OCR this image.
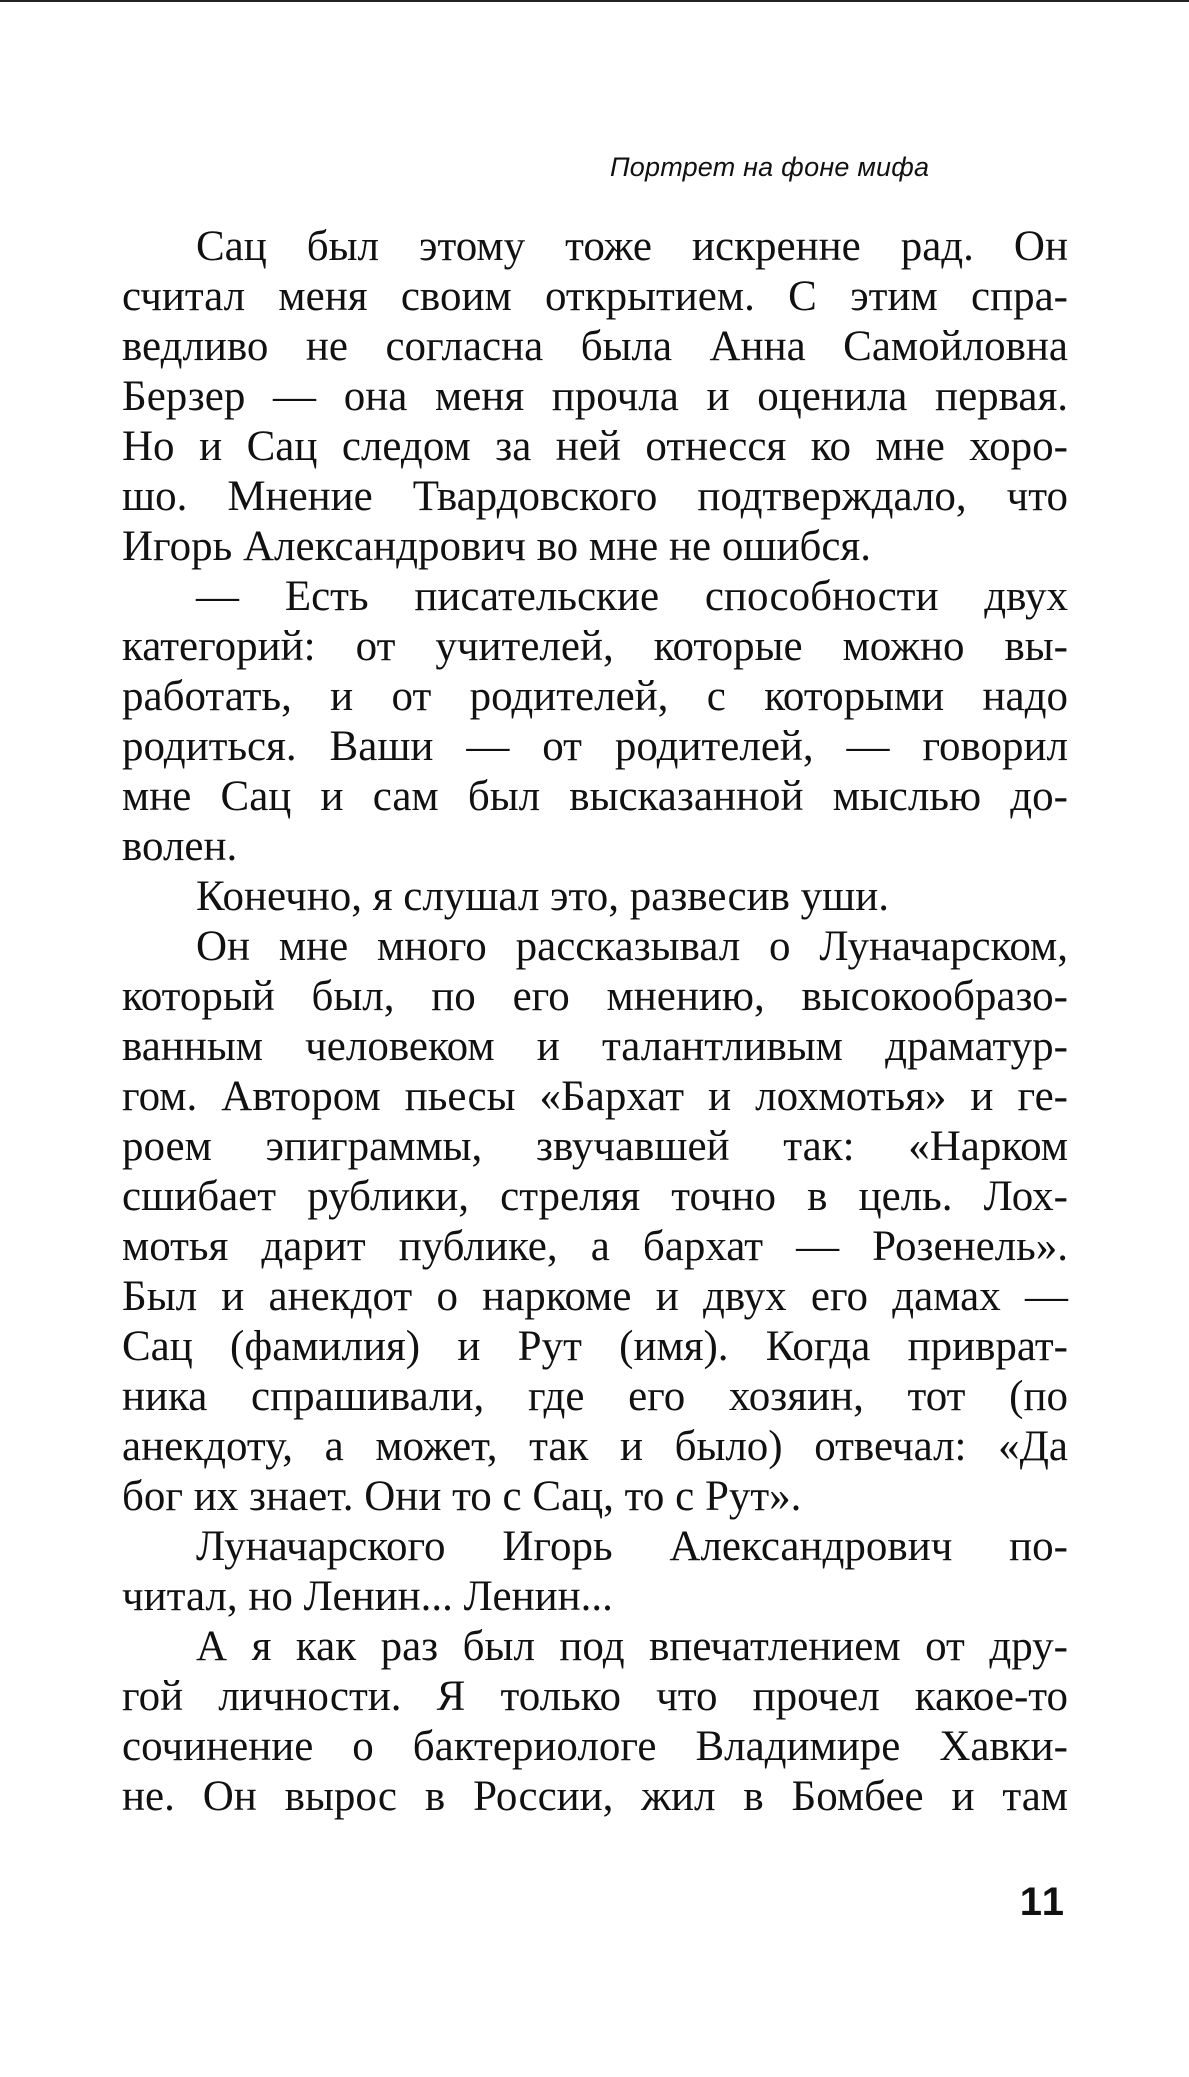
Портрет на фоне мифа
Сац был этому тоже искренне рад. Он
считал меня своим открытием. С этим спра-
ведливо не согласна была Анна Самойловна
Берзер — она меня прочла и оценила первая.
Но и Сац следом за ней отнесся ко мне хоро-
шо. Мнение Твардовского подтверждало, что
Игорь Александрович во мне не ошибся.
— Есть писательские способности двух
категорий: от учителей, которые можно вы-
работать, и от родителей, с которыми надо
родиться. Ваши — от родителей, — говорил
мне Сац и сам был высказанной мыслью до-
волен.
Конечно, я слушал это, развесив уши.
Он мне много рассказывал о Луначарском,
который был, по его мнению, высокообразо-
ванным человеком и талантливым драматур-
гом. Автором пьесы «Бархат и лохмотья» и ге-
роем эпиграммы, звучавшей так: «Нарком
сшибает рублики, стреляя точно в цель. Лох-
мотья дарит публике, а бархат — Розенель».
Был и анекдот о наркоме и двух его дамах —
Сац (фамилия) и Рут (имя). Когда приврат-
ника спрашивали, где его хозяин, тот (по
анекдоту, а может, так и было) отвечал: «Да
бог их знает. Они то с Сац, то с Рут».
Луначарского Игорь Александрович по-
читал, но Ленин... Ленин...
А я как раз был под впечатлением от дру-
гой личности. Я только что прочел какое-то
сочинение о бактериологе Владимире Хавки-
не. Он вырос в России, жил в Бомбее и там
11
